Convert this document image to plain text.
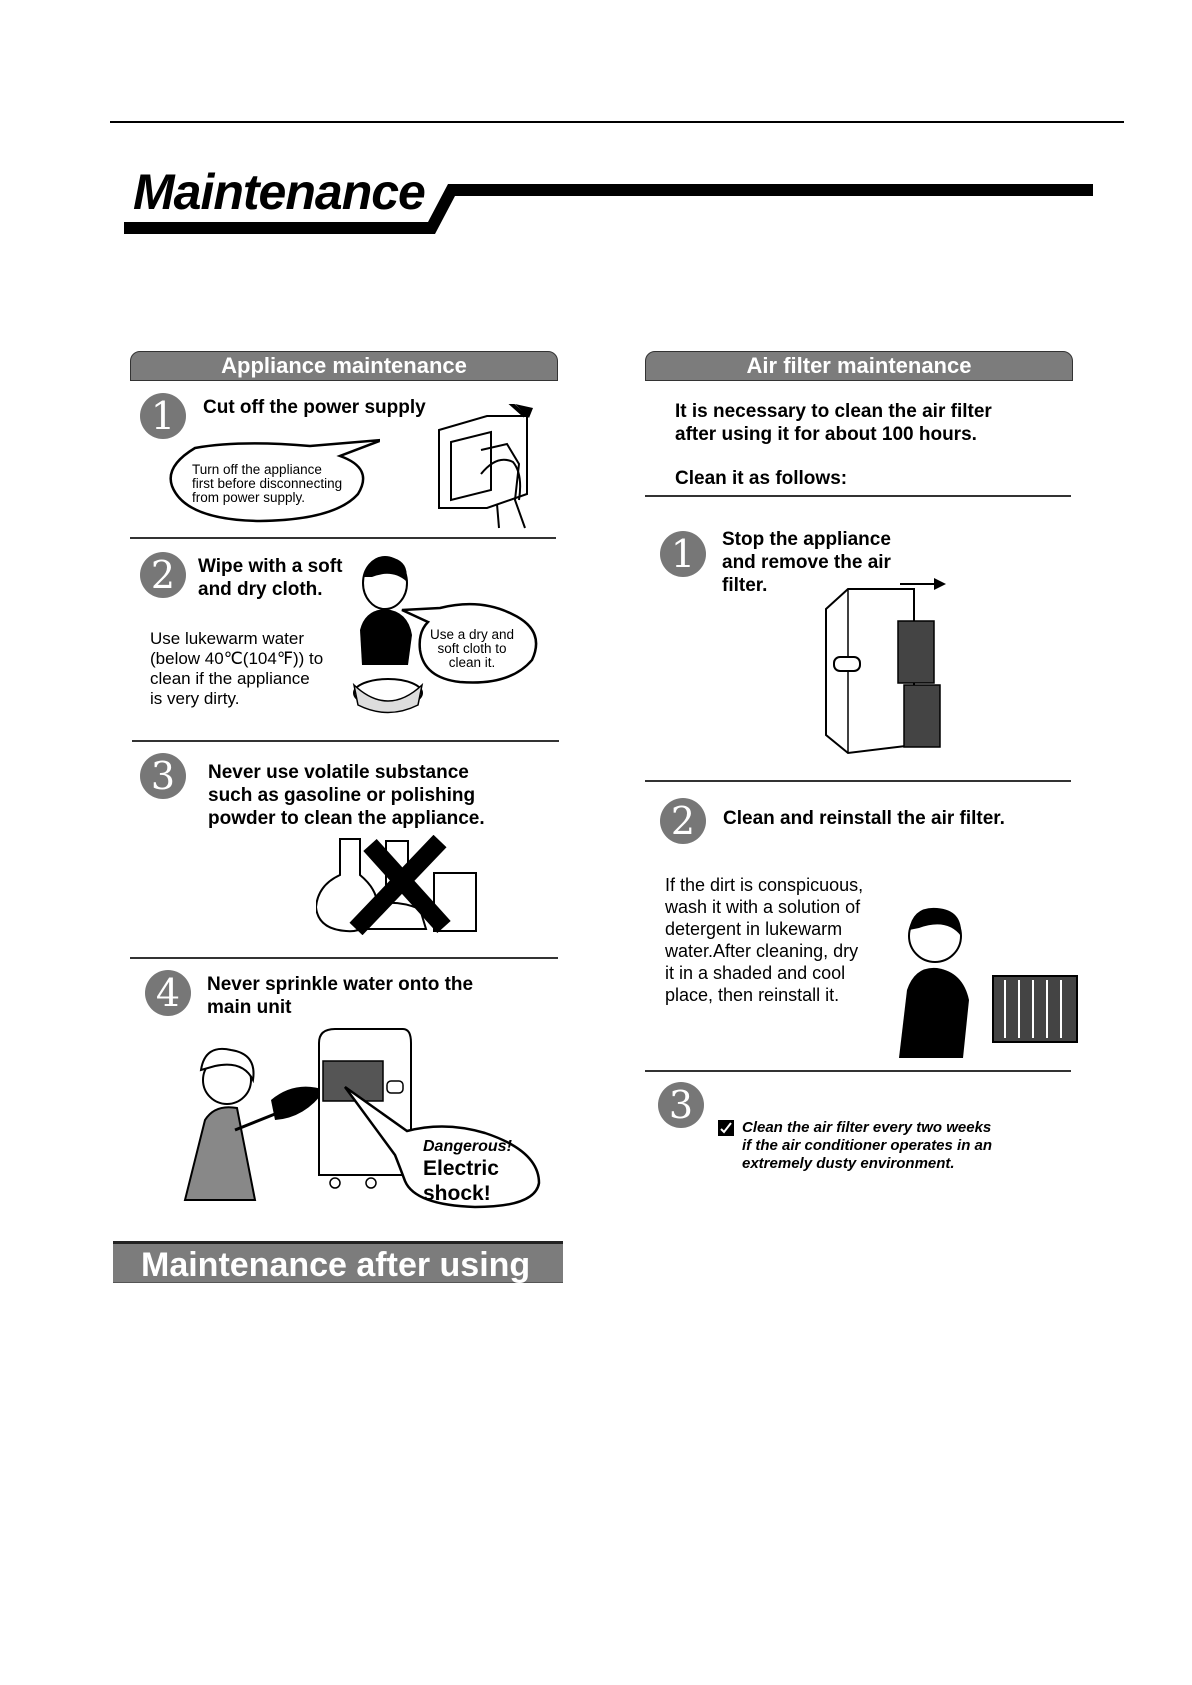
Maintenance
Appliance maintenance
1	Cut off the power supply
Turn off the appliance
first before disconnecting
from power supply.
2	Wipe with a soft
and dry cloth.
Use lukewarm water
(below 40℃(104℉)) to
clean if the appliance
is very dirty.
Use a dry and
soft cloth to
clean it.
3	Never use volatile substance
such as gasoline or polishing
powder to clean the appliance.
4	Never sprinkle water onto the
main unit
Dangerous!
Electric
shock!
Maintenance after using
Air filter maintenance
It is necessary to clean the air filter
after using it for about 100 hours.
Clean it as follows:
1	Stop the appliance
and remove the air
filter.
2	Clean and reinstall the air filter.
If the dirt is conspicuous,
wash it with a solution of
detergent in lukewarm
water.After cleaning, dry
it in a shaded and cool
place, then reinstall it.
3
Clean the air filter every two weeks
if the air conditioner operates in an
extremely dusty environment.
